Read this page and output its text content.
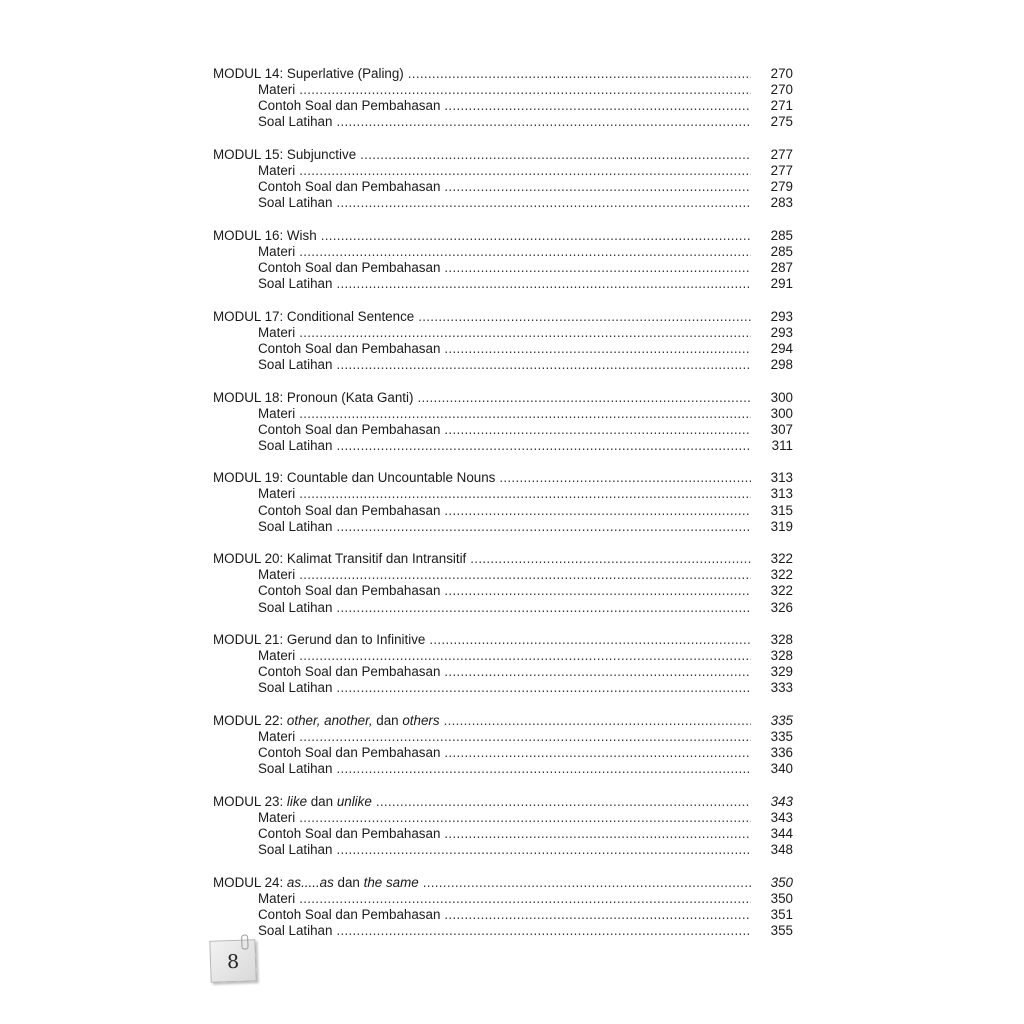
MODUL 14: Superlative (Paling) .....	270
Materi .....	270
Contoh Soal dan Pembahasan .....	271
Soal Latihan .....	275
MODUL 15: Subjunctive .....	277
Materi .....	277
Contoh Soal dan Pembahasan .....	279
Soal Latihan .....	283
MODUL 16: Wish .....	285
Materi .....	285
Contoh Soal dan Pembahasan .....	287
Soal Latihan .....	291
MODUL 17: Conditional Sentence .....	293
Materi .....	293
Contoh Soal dan Pembahasan .....	294
Soal Latihan .....	298
MODUL 18: Pronoun (Kata Ganti) .....	300
Materi .....	300
Contoh Soal dan Pembahasan .....	307
Soal Latihan .....	311
MODUL 19: Countable dan Uncountable Nouns .....	313
Materi .....	313
Contoh Soal dan Pembahasan .....	315
Soal Latihan .....	319
MODUL 20: Kalimat Transitif dan Intransitif .....	322
Materi .....	322
Contoh Soal dan Pembahasan .....	322
Soal Latihan .....	326
MODUL 21: Gerund dan to Infinitive .....	328
Materi .....	328
Contoh Soal dan Pembahasan .....	329
Soal Latihan .....	333
MODUL 22: other, another, dan others .....	335
Materi .....	335
Contoh Soal dan Pembahasan .....	336
Soal Latihan .....	340
MODUL 23: like dan unlike .....	343
Materi .....	343
Contoh Soal dan Pembahasan .....	344
Soal Latihan .....	348
MODUL 24: as.....as dan the same .....	350
Materi .....	350
Contoh Soal dan Pembahasan .....	351
Soal Latihan .....	355
8
